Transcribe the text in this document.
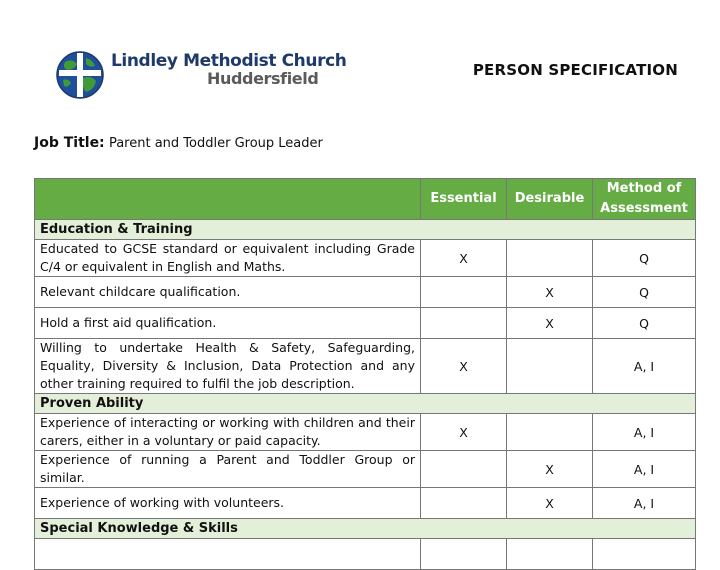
Lindley Methodist Church
Huddersfield	PERSON SPECIFICATION
Job Title: Parent and Toddler Group Leader
	Essential	Desirable	Method of Assessment
Education & Training			
Educated to GCSE standard or equivalent including Grade C/4 or equivalent in English and Maths.	X		Q
Relevant childcare qualification.		X	Q
Hold a first aid qualification.		X	Q
Willing to undertake Health & Safety, Safeguarding, Equality, Diversity & Inclusion, Data Protection and any other training required to fulfil the job description.	X		A, I
Proven Ability			
Experience of interacting or working with children and their carers, either in a voluntary or paid capacity.	X		A, I
Experience of running a Parent and Toddler Group or similar.		X	A, I
Experience of working with volunteers.		X	A, I
Special Knowledge & Skills			
